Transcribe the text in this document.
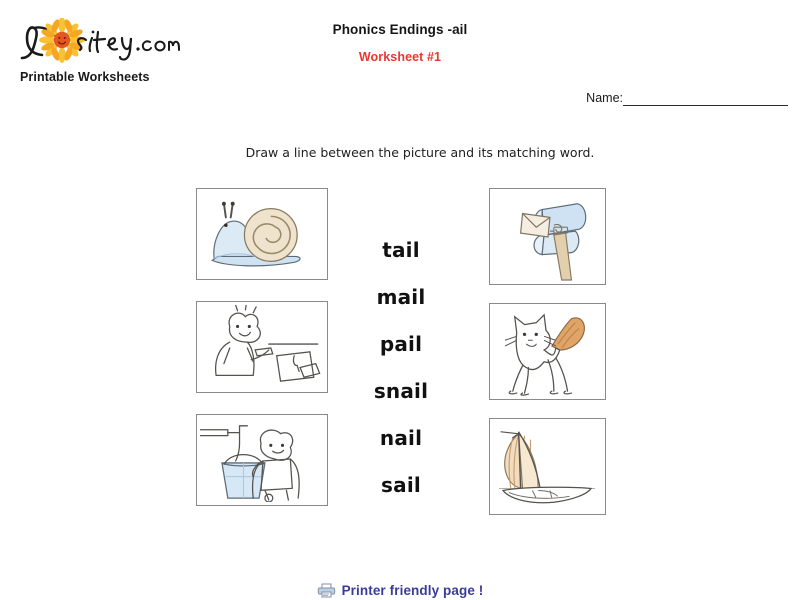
Printable Worksheets
Phonics Endings -ail
Worksheet #1
Name:
Draw a line between the picture and its matching word.
tail
mail
pail
snail
nail
sail
Printer friendly page !
